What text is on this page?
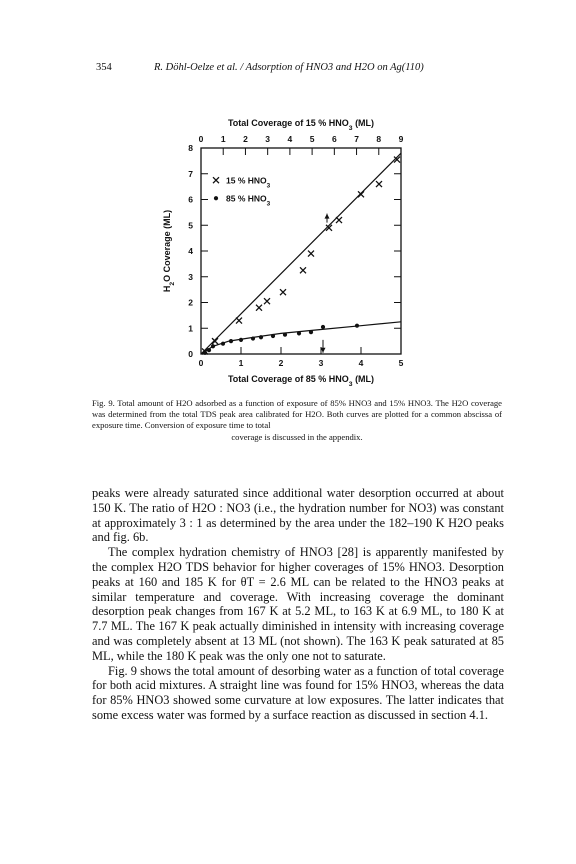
354	R. Döhl-Oelze et al. / Adsorption of HNO3 and H2O on Ag(110)
0	1	2	3	4	5
0 1 2 3 4 5 6 7 8 9
0
1
2
3
4
5
6
7
8
Total Coverage of 15 % $HNO_3$ (ML)
Total Coverage of 85 % $HNO_3$ (ML)
$H_2O$ Coverage (ML)
15 % $HNO_3$
85 % $HNO_3$
Fig. 9. Total amount of H2O adsorbed as a function of exposure of 85% HNO3 and 15% HNO3. The H2O coverage was determined from the total TDS peak area calibrated for H2O. Both curves are plotted for a common abscissa of exposure time. Conversion of exposure time to total
coverage is discussed in the appendix.

peaks were already saturated since additional water desorption occurred at about 150 K. The ratio of H2O : NO3 (i.e., the hydration number for NO3) was constant at approximately 3 : 1 as determined by the area under the 182–190 K H2O peaks and fig. 6b.

The complex hydration chemistry of HNO3 [28] is apparently manifested by the complex H2O TDS behavior for higher coverages of 15% HNO3. Desorption peaks at 160 and 185 K for θT = 2.6 ML can be related to the HNO3 peaks at similar temperature and coverage. With increasing coverage the dominant desorption peak changes from 167 K at 5.2 ML, to 163 K at 6.9 ML, to 180 K at 7.7 ML. The 167 K peak actually diminished in intensity with increasing coverage and was completely absent at 13 ML (not shown). The 163 K peak saturated at 85 ML, while the 180 K peak was the only one not to saturate.

Fig. 9 shows the total amount of desorbing water as a function of total coverage for both acid mixtures. A straight line was found for 15% HNO3, whereas the data for 85% HNO3 showed some curvature at low exposures. The latter indicates that some excess water was formed by a surface reaction as discussed in section 4.1.
